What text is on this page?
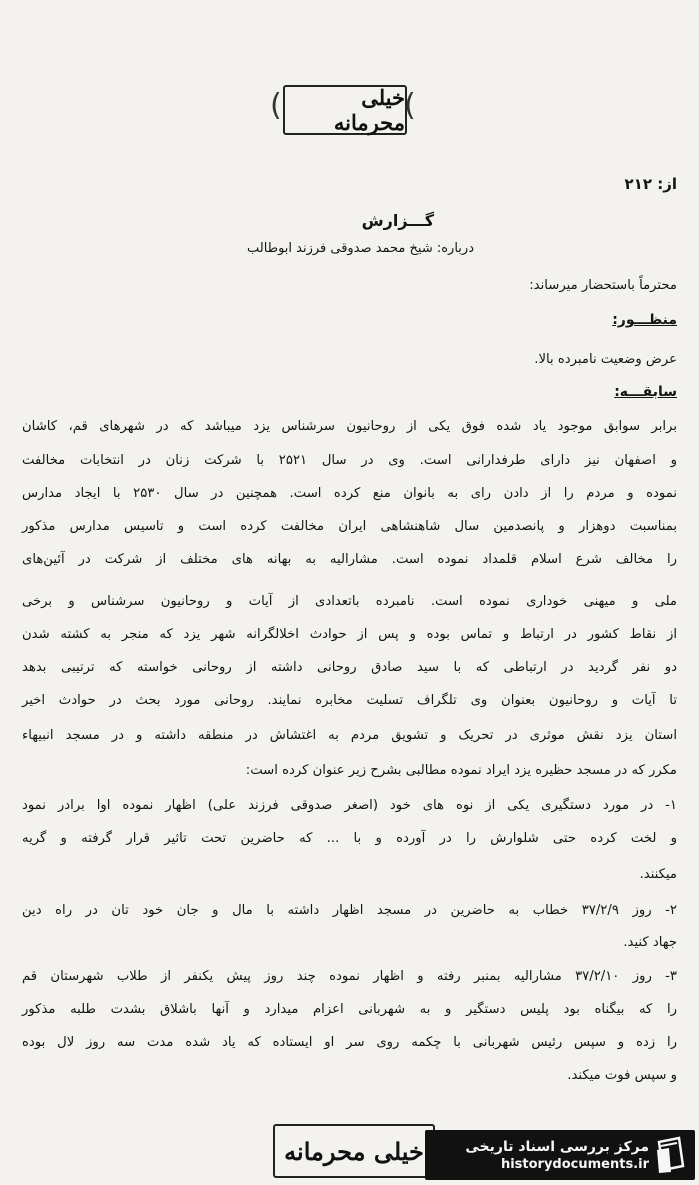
(	خیلی محرمانه (
از: ۲۱۲
گـــزارش
درباره: شیخ محمد صدوقی فرزند ابوطالب
محترماً باستحضار میرساند:
منظـــور:
عرض وضعیت نامبرده بالا.
سابقـــه:
برابر سوابق موجود یاد شده فوق یکی از روحانیون سرشناس یزد میباشد که در شهرهای قم، کاشان
و اصفهان نیز دارای طرفدارانی است. وی در سال ۲۵۲۱ با شرکت زنان در انتخابات مخالفت
نموده و مردم را از دادن رای به بانوان منع کرده است. همچنین در سال ۲۵۳۰ با ایجاد مدارس
بمناسبت دوهزار و پانصدمین سال شاهنشاهی ایران مخالفت کرده است و تاسیس مدارس مذکور
را مخالف شرع اسلام قلمداد نموده است. مشارالیه به بهانه های مختلف از شرکت در آئین‌های
ملی و میهنی خوداری نموده است. نامبرده باتعدادی از آیات و روحانیون سرشناس و برخی
از نقاط کشور در ارتباط و تماس بوده و پس از حوادث اخلالگرانه شهر یزد که منجر به کشته شدن
دو نفر گردید در ارتباطی که با سید صادق روحانی داشته از روحانی خواسته که ترتیبی بدهد
تا آیات و روحانیون بعنوان وی تلگراف تسلیت مخابره نمایند. روحانی مورد بحث در حوادث اخیر
استان یزد نقش موثری در تحریک و تشویق مردم به اغتشاش در منطقه داشته و در مسجد انبیهاء
مکرر که در مسجد حظیره یزد ایراد نموده مطالبی بشرح زیر عنوان کرده است:
۱- در مورد دستگیری یکی از نوه های خود (اصغر صدوقی فرزند علی) اظهار نموده اوا برادر نمود
و لخت کرده حتی شلوارش را در آورده و با ... که حاضرین تحت تاثیر قرار گرفته و گریه
میکنند.
۲- روز ۳۷/۲/۹ خطاب به حاضرین در مسجد اظهار داشته با مال و جان خود تان در راه دین
جهاد کنید.
۳- روز ۳۷/۲/۱۰ مشارالیه بمنبر رفته و اظهار نموده چند روز پیش یکنفر از طلاب شهرستان قم
را که بیگناه بود پلیس دستگیر و به شهربانی اعزام میدارد و آنها باشلاق بشدت طلبه مذکور
را زده و سپس رئیس شهربانی با چکمه روی سر او ایستاده که یاد شده مدت سه روز لال بوده
و سپس فوت میکند.
خیلی محرمانه	مرکز بررسی اسناد تاریخی
historydocuments.ir
